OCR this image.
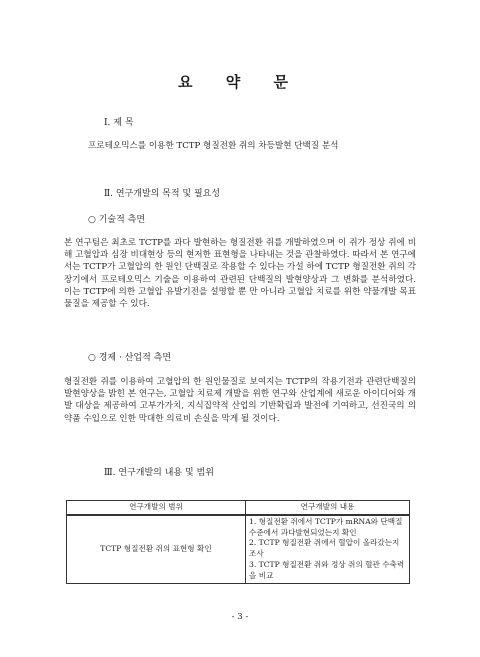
요 약 문
Ⅰ. 제 목
프로테오믹스를 이용한 TCTP 형질전환 쥐의 차등발현 단백질 분석
Ⅱ. 연구개발의 목적 및 필요성
○ 기술적 측면
본 연구팀은 최초로 TCTP를 과다 발현하는 형질전환 쥐를 개발하였으며 이 쥐가 정상 쥐에 비해 고혈압과 심장 비대현상 등의 현저한 표현형을 나타내는 것을 관찰하였다. 따라서 본 연구에서는 TCTP가 고혈압의 한 원인 단백질로 작용할 수 있다는 가설 하에 TCTP 형질전환 쥐의 각 장기에서 프로테오믹스 기술을 이용하여 관련된 단백질의 발현양상과 그 변화를 분석하였다. 이는 TCTP에 의한 고혈압 유발기전을 설명할 뿐 만 아니라 고혈압 치료를 위한 약물개발 목표물질을 제공할 수 있다.
○ 경제 · 산업적 측면
형질전환 쥐를 이용하여 고혈압의 한 원인물질로 보여지는 TCTP의 작용기전과 관련단백질의 발현양상을 밝힌 본 연구는, 고혈압 치료제 개발을 위한 연구와 산업계에 새로운 아이디어와 개발 대상을 제공하여 고부가가치, 지식집약적 산업의 기반확립과 발전에 기여하고, 선진국의 의약품 수입으로 인한 막대한 의료비 손실을 막게 될 것이다.
Ⅲ. 연구개발의 내용 및 범위
연구개발의 범위	연구개발의 내용
TCTP 형질전환 쥐의 표현형 확인	1. 형질전환 쥐에서 TCTP가 mRNA와 단백질 수준에서 과다발현되었는지 확인
2. TCTP 형질전환 쥐에서 혈압이 올라갔는지 조사
3. TCTP 형질전환 쥐와 정상 쥐의 혈관 수축력을 비교
- 3 -
